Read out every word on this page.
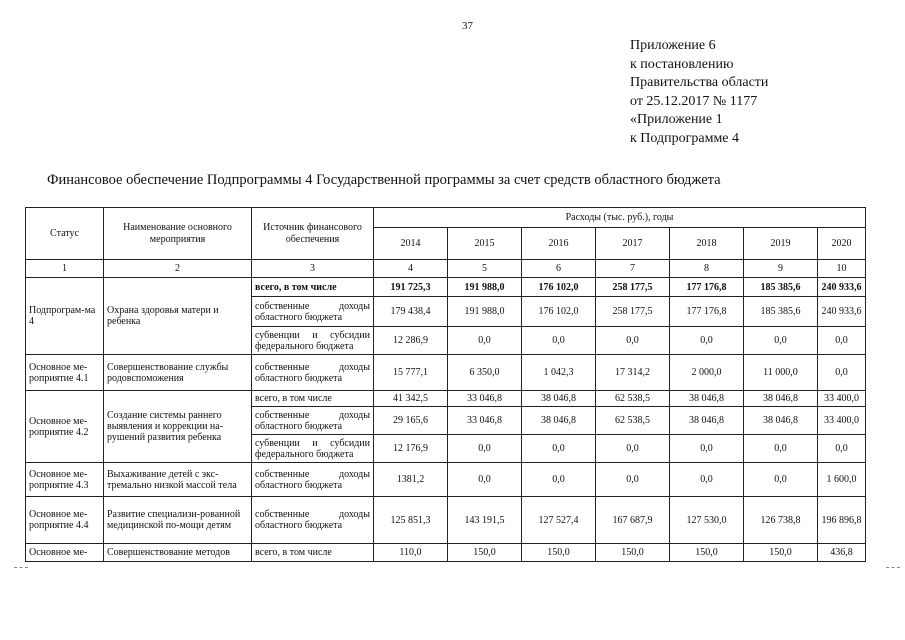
37
Приложение 6
к постановлению
Правительства области
от 25.12.2017 № 1177
«Приложение 1
к Подпрограмме 4
Финансовое обеспечение Подпрограммы 4 Государственной программы за счет средств областного бюджета
Статус	Наименование основного мероприятия	Источник финансового обеспечения	Расходы (тыс. руб.), годы						
			2014	2015	2016	2017	2018	2019	2020
1	2	3	4	5	6	7	8	9	10
Подпрограм-ма 4	Охрана здоровья матери и ребенка	всего, в том числе	191 725,3	191 988,0	176 102,0	258 177,5	177 176,8	185 385,6	240 933,6
		собственные доходы областного бюджета	179 438,4	191 988,0	176 102,0	258 177,5	177 176,8	185 385,6	240 933,6
		субвенции и субсидии федерального бюджета	12 286,9	0,0	0,0	0,0	0,0	0,0	0,0
Основное ме-роприятие 4.1	Совершенствование службы родовспоможения	собственные доходы областного бюджета	15 777,1	6 350,0	1 042,3	17 314,2	2 000,0	11 000,0	0,0
Основное ме-роприятие 4.2	Создание системы раннего выявления и коррекции на-рушений развития ребенка	всего, в том числе	41 342,5	33 046,8	38 046,8	62 538,5	38 046,8	38 046,8	33 400,0
		собственные доходы областного бюджета	29 165,6	33 046,8	38 046,8	62 538,5	38 046,8	38 046,8	33 400,0
		субвенции и субсидии федерального бюджета	12 176,9	0,0	0,0	0,0	0,0	0,0	0,0
Основное ме-роприятие 4.3	Выхаживание детей с экс-тремально низкой массой тела	собственные доходы областного бюджета	1381,2	0,0	0,0	0,0	0,0	0,0	1 600,0
Основное ме-роприятие 4.4	Развитие специализи-рованной медицинской по-мощи детям	собственные доходы областного бюджета	125 851,3	143 191,5	127 527,4	167 687,9	127 530,0	126 738,8	196 896,8
Основное ме-	Совершенствование методов	всего, в том числе	110,0	150,0	150,0	150,0	150,0	150,0	436,8
